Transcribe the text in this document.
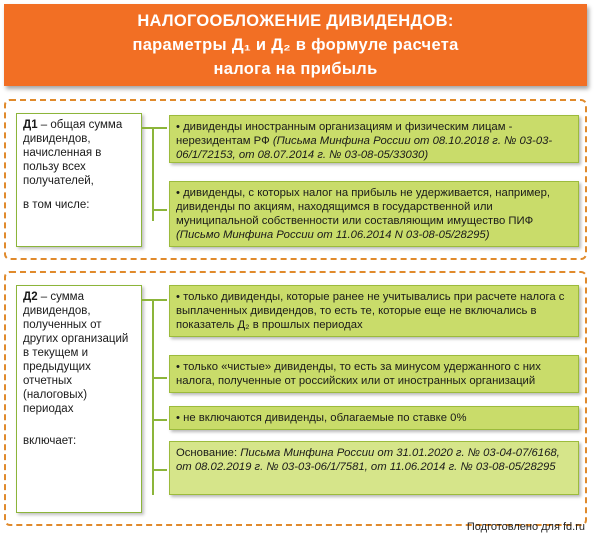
НАЛОГООБЛОЖЕНИЕ ДИВИДЕНДОВ:
параметры Д₁ и Д₂ в формуле расчета
налога на прибыль
Д1 – общая сумма дивидендов, начисленная в пользу всех получателей,
в том числе:
• дивиденды иностранным организациям и физическим лицам - нерезидентам РФ (Письма Минфина России от 08.10.2018 г. № 03-03-06/1/72153, от 08.07.2014 г. № 03-08-05/33030)
• дивиденды, с которых налог на прибыль не удерживается, например, дивиденды по акциям, находящимся в государственной или муниципальной собственности или составляющим имущество ПИФ (Письмо Минфина России от 11.06.2014 N 03-08-05/28295)
Д2 – сумма дивидендов, полученных от других организаций в текущем и предыдущих отчетных (налоговых) периодах
включает:
• только дивиденды, которые ранее не учитывались при расчете налога с выплаченных дивидендов, то есть те, которые еще не включались в показатель Д₂ в прошлых периодах
• только «чистые» дивиденды, то есть за минусом удержанного с них налога, полученные от российских или от иностранных организаций
• не включаются дивиденды, облагаемые по ставке 0%
Основание: Письма Минфина России от 31.01.2020 г. № 03-04-07/6168, от 08.02.2019 г. № 03-03-06/1/7581, от 11.06.2014 г. № 03-08-05/28295
Подготовлено для fd.ru
